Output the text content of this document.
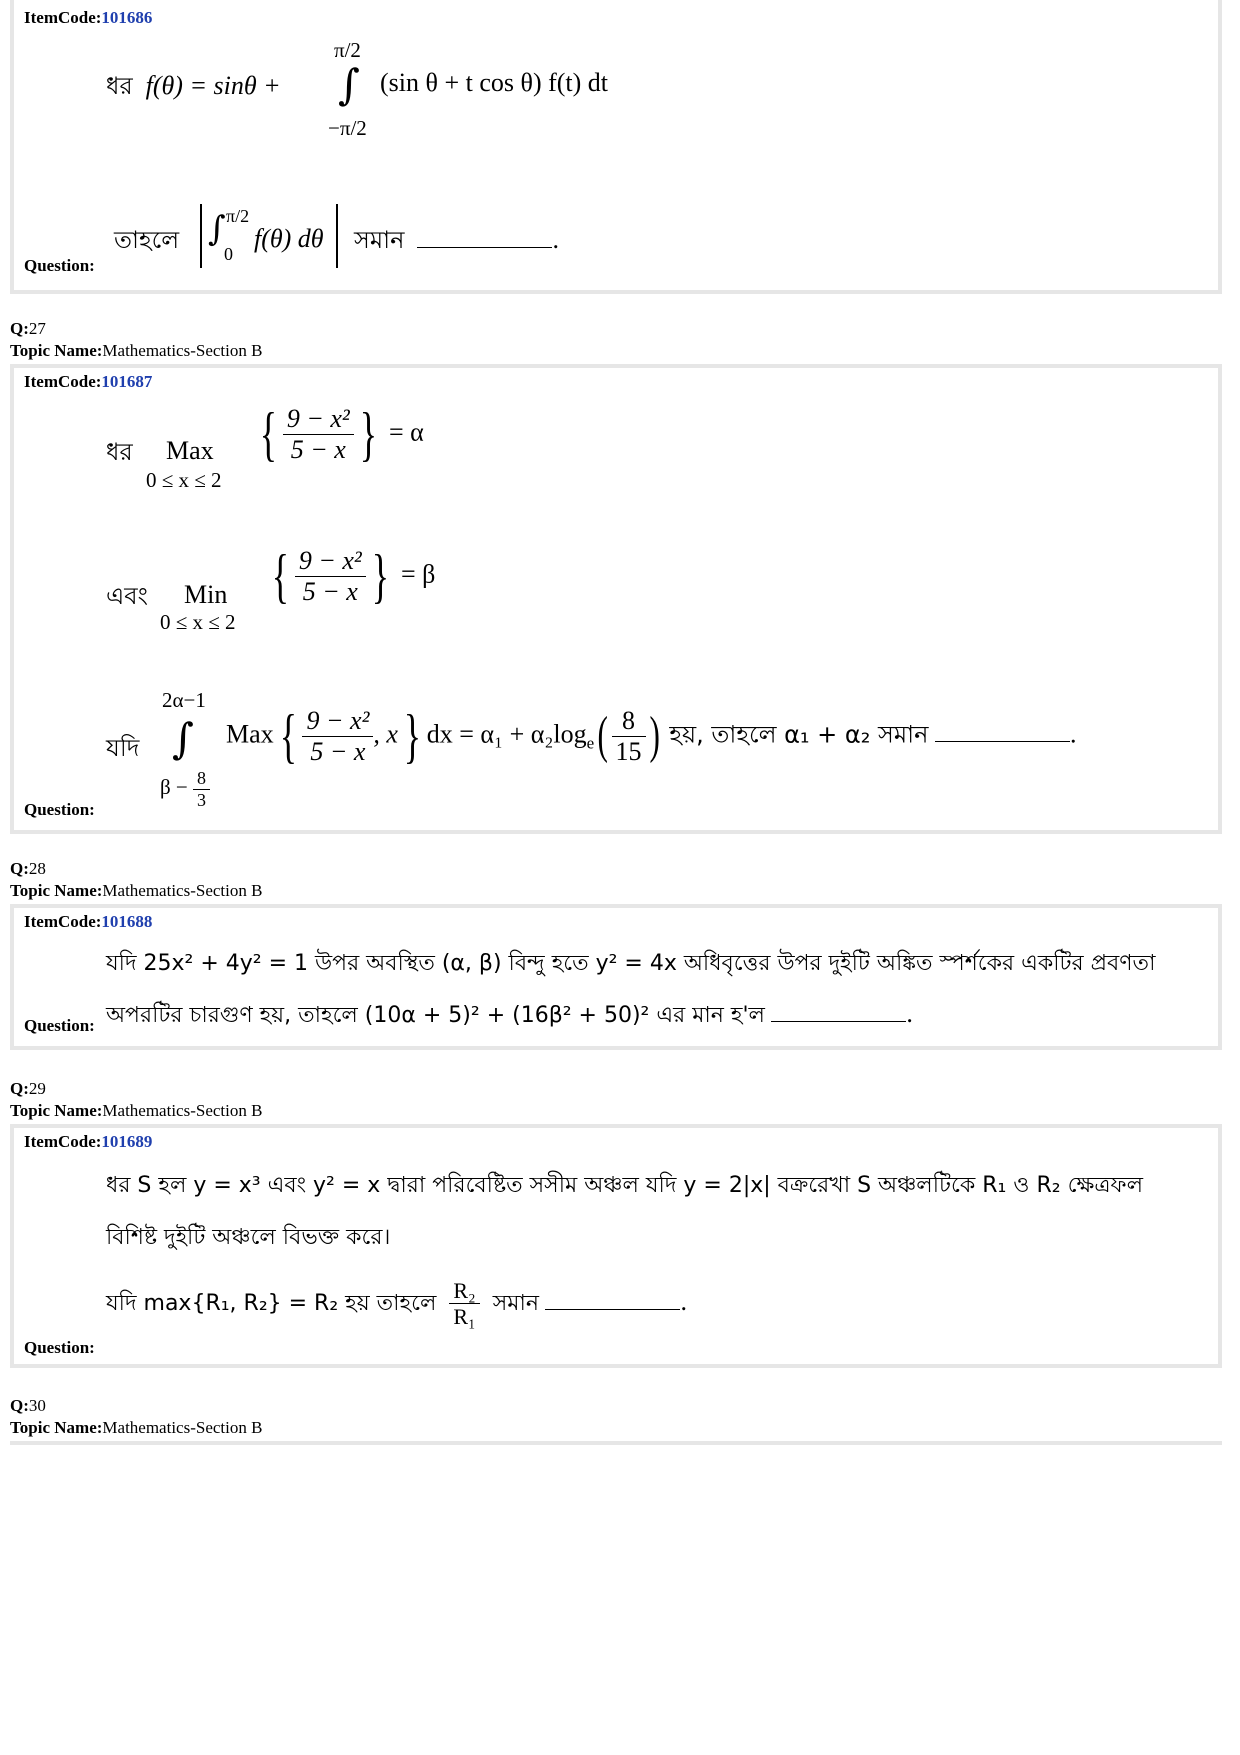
ItemCode:101686
ধর f(θ) = sinθ +
π/2
∫
−π/2
(sin θ + t cos θ) f(t) dt
তাহলে ∫ π/2
0
f(θ) dθ সমান	.
Question:
Q:27
Topic Name:Mathematics-Section B
ItemCode:101687
ধর Max
0 ≤ x ≤ 2
{ $\frac{\text{9 − x²}}{5 - x}$ } = α
এবং Min
0 ≤ x ≤ 2
{ $\frac{\text{9 − x²}}{5 - x}$ } = β
যদি
2α−1
∫
$\beta - \frac{8}{3}$
$Max\{ \frac{\text{9 − x²}}{5 - x}$ , x} dx = $\alpha_1 + \alpha_2\log_e( \frac{8}{15}$ ) হয়, তাহলে α₁ + α₂ সমান	.
Question:
Q:28
Topic Name:Mathematics-Section B
ItemCode:101688
যদি 25x² + 4y² = 1 উপর অবস্থিত (α, β) বিন্দু হতে y² = 4x অধিবৃত্তের উপর দুইটি অঙ্কিত স্পর্শকের একটির প্রবণতা
অপরটির চারগুণ হয়, তাহলে (10α + 5)² + (16β² + 50)² এর মান হ'ল	.
Question:
Q:29
Topic Name:Mathematics-Section B
ItemCode:101689
ধর S হল y = x³ এবং y² = x দ্বারা পরিবেষ্টিত সসীম অঞ্চল যদি y = 2|x| বক্ররেখা S অঞ্চলটিকে R₁ ও R₂ ক্ষেত্রফল
বিশিষ্ট দুইটি অঞ্চলে বিভক্ত করে।
যদি max{R₁, R₂} = R₂ হয় তাহলে $\frac{\text{R₂}}{\text{R₁}}$ সমান	.
Question:
Q:30
Topic Name:Mathematics-Section B
